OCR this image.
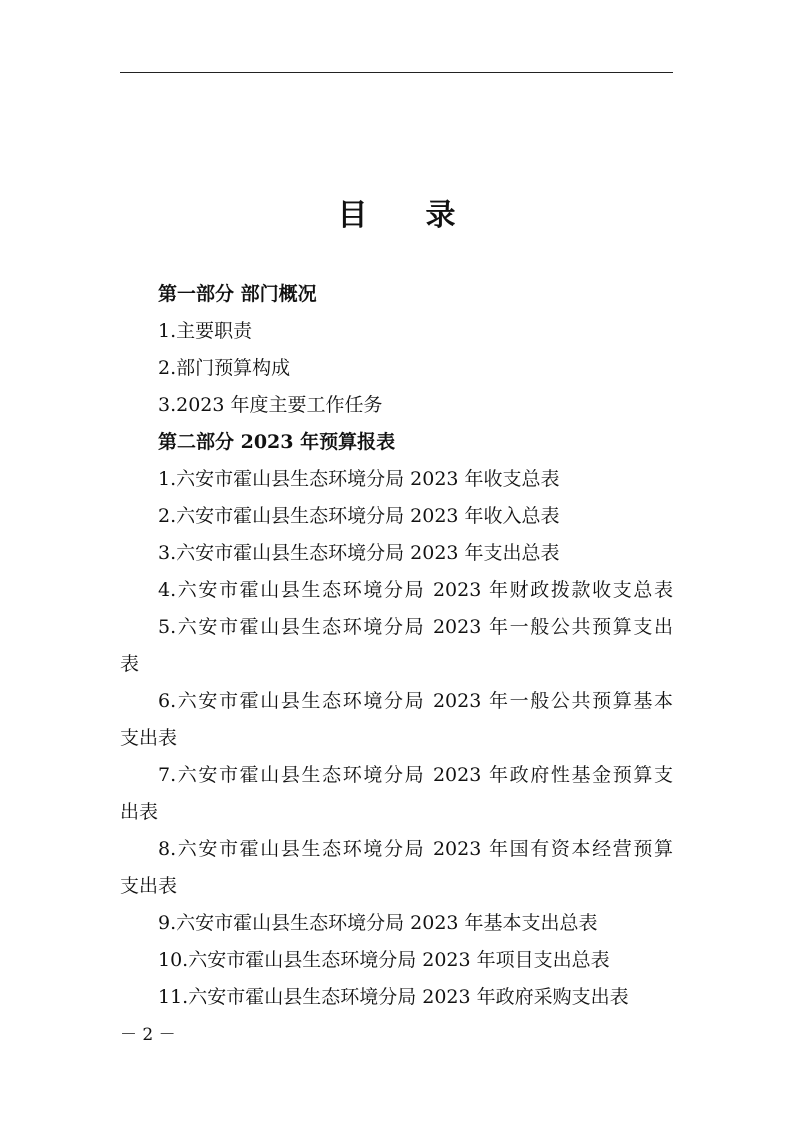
目 录
第一部分 部门概况
1.主要职责
2.部门预算构成
3.2023 年度主要工作任务
第二部分 2023 年预算报表
1.六安市霍山县生态环境分局 2023 年收支总表
2.六安市霍山县生态环境分局 2023 年收入总表
3.六安市霍山县生态环境分局 2023 年支出总表
4.六安市霍山县生态环境分局 2023 年财政拨款收支总表
5.六安市霍山县生态环境分局 2023 年一般公共预算支出
表
6.六安市霍山县生态环境分局 2023 年一般公共预算基本
支出表
7.六安市霍山县生态环境分局 2023 年政府性基金预算支
出表
8.六安市霍山县生态环境分局 2023 年国有资本经营预算
支出表
9.六安市霍山县生态环境分局 2023 年基本支出总表
10.六安市霍山县生态环境分局 2023 年项目支出总表
11.六安市霍山县生态环境分局 2023 年政府采购支出表
－ 2 －
